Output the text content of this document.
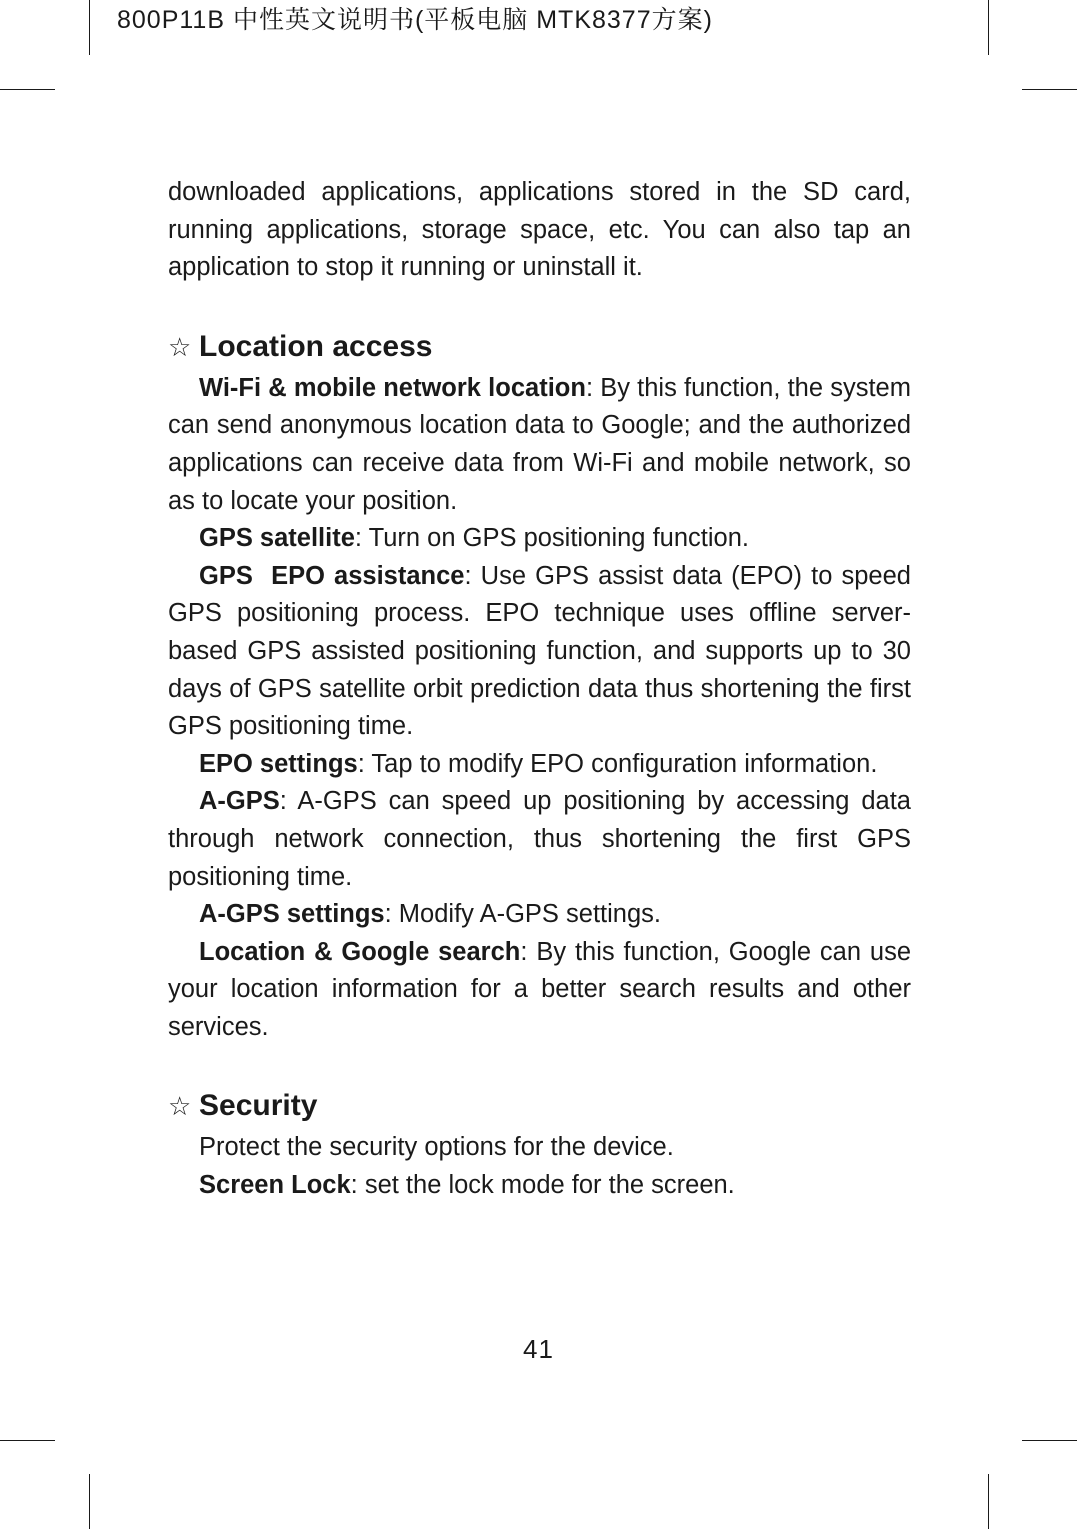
800P11B 中性英文说明书(平板电脑 MTK8377方案)

downloaded applications, applications stored in the SD card, running applications, storage space, etc. You can also tap an application to stop it running or uninstall it.

☆ Location access

Wi-Fi & mobile network location: By this function, the system can send anonymous location data to Google; and the authorized applications can receive data from Wi-Fi and mobile network, so as to locate your position.

GPS satellite: Turn on GPS positioning function.

GPS  EPO assistance: Use GPS assist data (EPO) to speed GPS positioning process. EPO technique uses offline server-based GPS assisted positioning function, and supports up to 30 days of GPS satellite orbit prediction data thus shortening the first GPS positioning time.

EPO settings: Tap to modify EPO configuration information.

A-GPS: A-GPS can speed up positioning by accessing data through network connection, thus shortening the first GPS positioning time.

A-GPS settings: Modify A-GPS settings.

Location & Google search: By this function, Google can use your location information for a better search results and other services.

☆ Security

Protect the security options for the device.

Screen Lock: set the lock mode for the screen.

41
